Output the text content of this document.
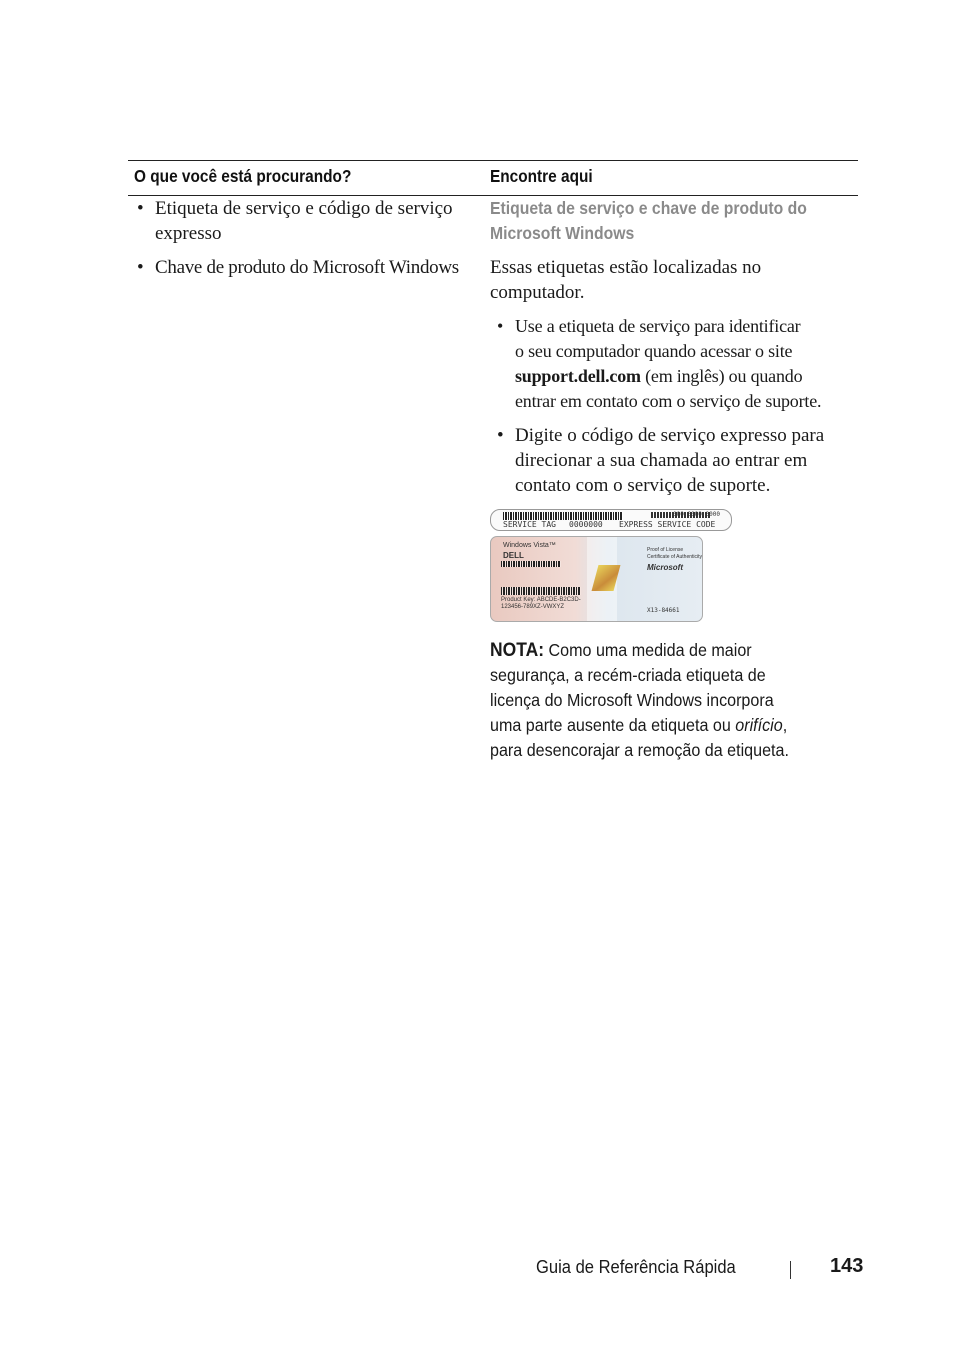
O que você está procurando?	Encontre aqui
• Etiqueta de serviço e código de serviço
expresso
• Chave de produto do Microsoft Windows
Etiqueta de serviço e chave de produto do
Microsoft Windows
Essas etiquetas estão localizadas no
computador.
• Use a etiqueta de serviço para identificar
o seu computador quando acessar o site
support.dell.com (em inglês) ou quando
entrar em contato com o serviço de suporte.
• Digite o código de serviço expresso para
direcionar a sua chamada ao entrar em
contato com o serviço de suporte.
SERVICE TAG 0000000 EXPRESS SERVICE CODE
000 0000 0000
Windows Vista™
DELL
Product Key: ABCDE-B2C3D-
123456-789XZ-VWXYZ
Proof of License
Certificate of Authenticity
Microsoft
X13-84661
NOTA: Como uma medida de maior
segurança, a recém-criada etiqueta de
licença do Microsoft Windows incorpora
uma parte ausente da etiqueta ou orifício,
para desencorajar a remoção da etiqueta.
Guia de Referência Rápida	143
